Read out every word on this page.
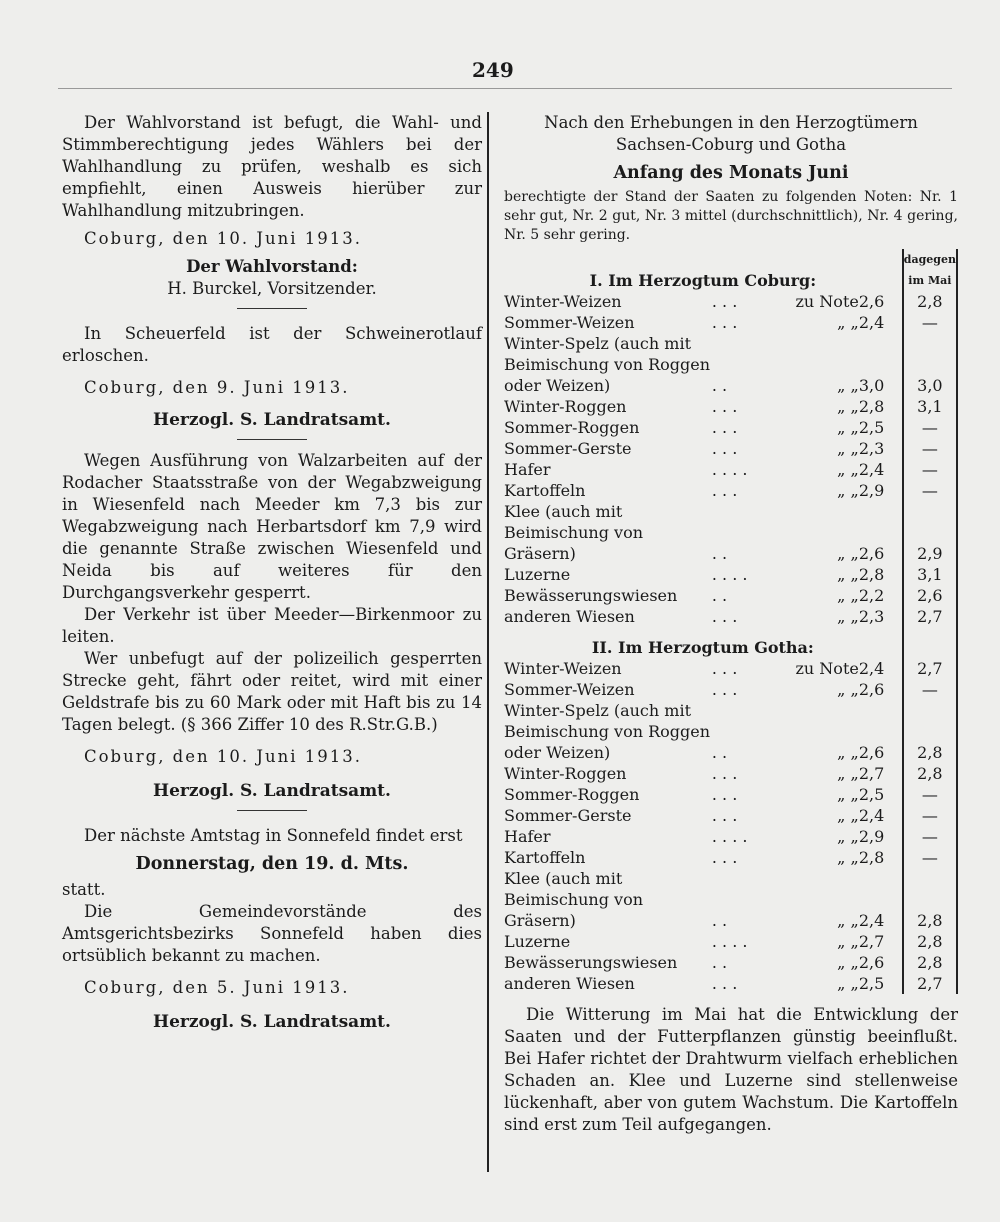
249

Der Wahlvorstand ist befugt, die Wahl- und Stimmberechtigung jedes Wählers bei der Wahlhandlung zu prüfen, weshalb es sich empfiehlt, einen Ausweis hierüber zur Wahlhandlung mitzubringen.

Coburg, den 10. Juni 1913.

Der Wahlvorstand:

H. Burckel, Vorsitzender.

In Scheuerfeld ist der Schweinerotlauf erloschen.

Coburg, den 9. Juni 1913.

Herzogl. S. Landratsamt.

Wegen Ausführung von Walzarbeiten auf der Rodacher Staatsstraße von der Wegabzweigung in Wiesenfeld nach Meeder km 7,3 bis zur Wegabzweigung nach Herbartsdorf km 7,9 wird die genannte Straße zwischen Wiesenfeld und Neida bis auf weiteres für den Durchgangsverkehr gesperrt.

Der Verkehr ist über Meeder—Birkenmoor zu leiten.

Wer unbefugt auf der polizeilich gesperrten Strecke geht, fährt oder reitet, wird mit einer Geldstrafe bis zu 60 Mark oder mit Haft bis zu 14 Tagen belegt. (§ 366 Ziffer 10 des R.Str.G.B.)

Coburg, den 10. Juni 1913.

Herzogl. S. Landratsamt.

Der nächste Amtstag in Sonnefeld findet erst

Donnerstag, den 19. d. Mts.

statt.

Die Gemeindevorstände des Amtsgerichtsbezirks Sonnefeld haben dies ortsüblich bekannt zu machen.

Coburg, den 5. Juni 1913.

Herzogl. S. Landratsamt.

Nach den Erhebungen in den Herzogtümern Sachsen-Coburg und Gotha

Anfang des Monats Juni

berechtigte der Stand der Saaten zu folgenden Noten: Nr. 1 sehr gut, Nr. 2 gut, Nr. 3 mittel (durchschnittlich), Nr. 4 gering, Nr. 5 sehr gering.

I. Im Herzogtum Coburg:				dagegen im Mai
Winter-Weizen	. . .	zu Note	2,6	2,8
Sommer-Weizen	. . .	„ „	2,4	—
Winter-Spelz (auch mit Beimischung von Roggen oder Weizen)	. .	„ „	3,0	3,0
Winter-Roggen	. . .	„ „	2,8	3,1
Sommer-Roggen	. . .	„ „	2,5	—
Sommer-Gerste	. . .	„ „	2,3	—
Hafer	. . . .	„ „	2,4	—
Kartoffeln	. . .	„ „	2,9	—
Klee (auch mit Beimischung von Gräsern)	. .	„ „	2,6	2,9
Luzerne	. . . .	„ „	2,8	3,1
Bewässerungswiesen	. .	„ „	2,2	2,6
anderen Wiesen	. . .	„ „	2,3	2,7
II. Im Herzogtum Gotha:				
Winter-Weizen	. . .	zu Note	2,4	2,7
Sommer-Weizen	. . .	„ „	2,6	—
Winter-Spelz (auch mit Beimischung von Roggen oder Weizen)	. .	„ „	2,6	2,8
Winter-Roggen	. . .	„ „	2,7	2,8
Sommer-Roggen	. . .	„ „	2,5	—
Sommer-Gerste	. . .	„ „	2,4	—
Hafer	. . . .	„ „	2,9	—
Kartoffeln	. . .	„ „	2,8	—
Klee (auch mit Beimischung von Gräsern)	. .	„ „	2,4	2,8
Luzerne	. . . .	„ „	2,7	2,8
Bewässerungswiesen	. .	„ „	2,6	2,8
anderen Wiesen	. . .	„ „	2,5	2,7

Die Witterung im Mai hat die Entwicklung der Saaten und der Futterpflanzen günstig beeinflußt. Bei Hafer richtet der Drahtwurm vielfach erheblichen Schaden an. Klee und Luzerne sind stellenweise lückenhaft, aber von gutem Wachstum. Die Kartoffeln sind erst zum Teil aufgegangen.
